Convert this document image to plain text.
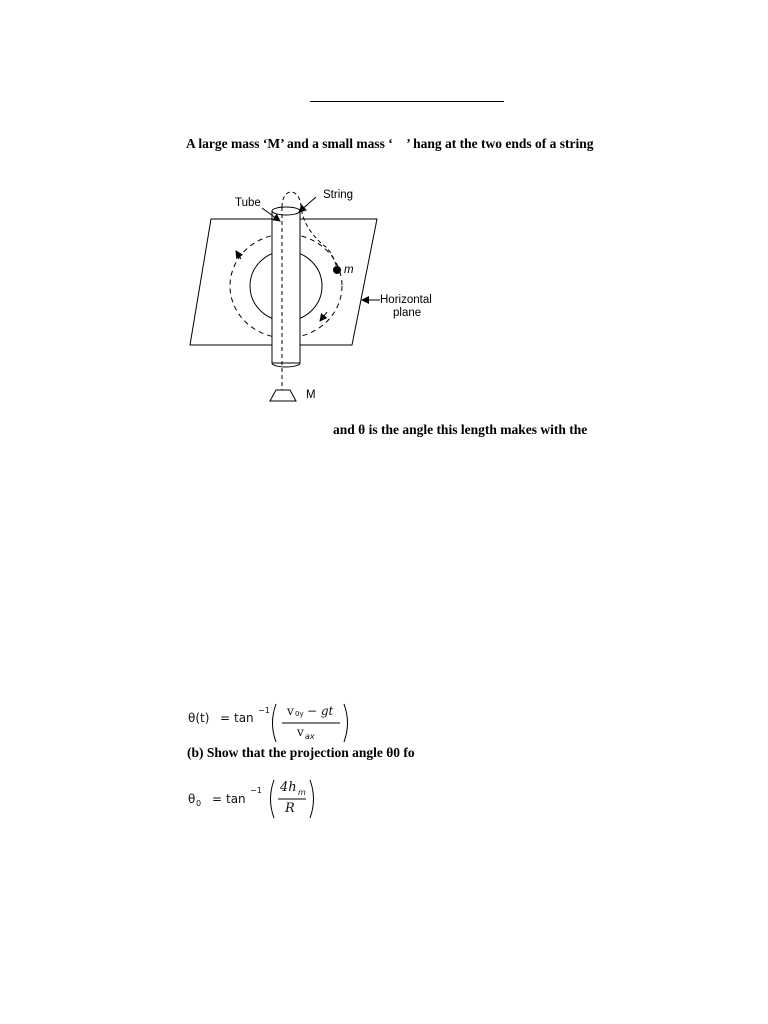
A large mass ‘M’ and a small mass ‘    ’ hang at the two ends of a string
Tube
String
m
Horizontal
plane
M
and θ is the angle this length makes with the
θ(t) = tan
−1 v 0y − gt
v ax
(b) Show that the projection angle θ0 fo
θ 0 = tan
−1 4h m
R
